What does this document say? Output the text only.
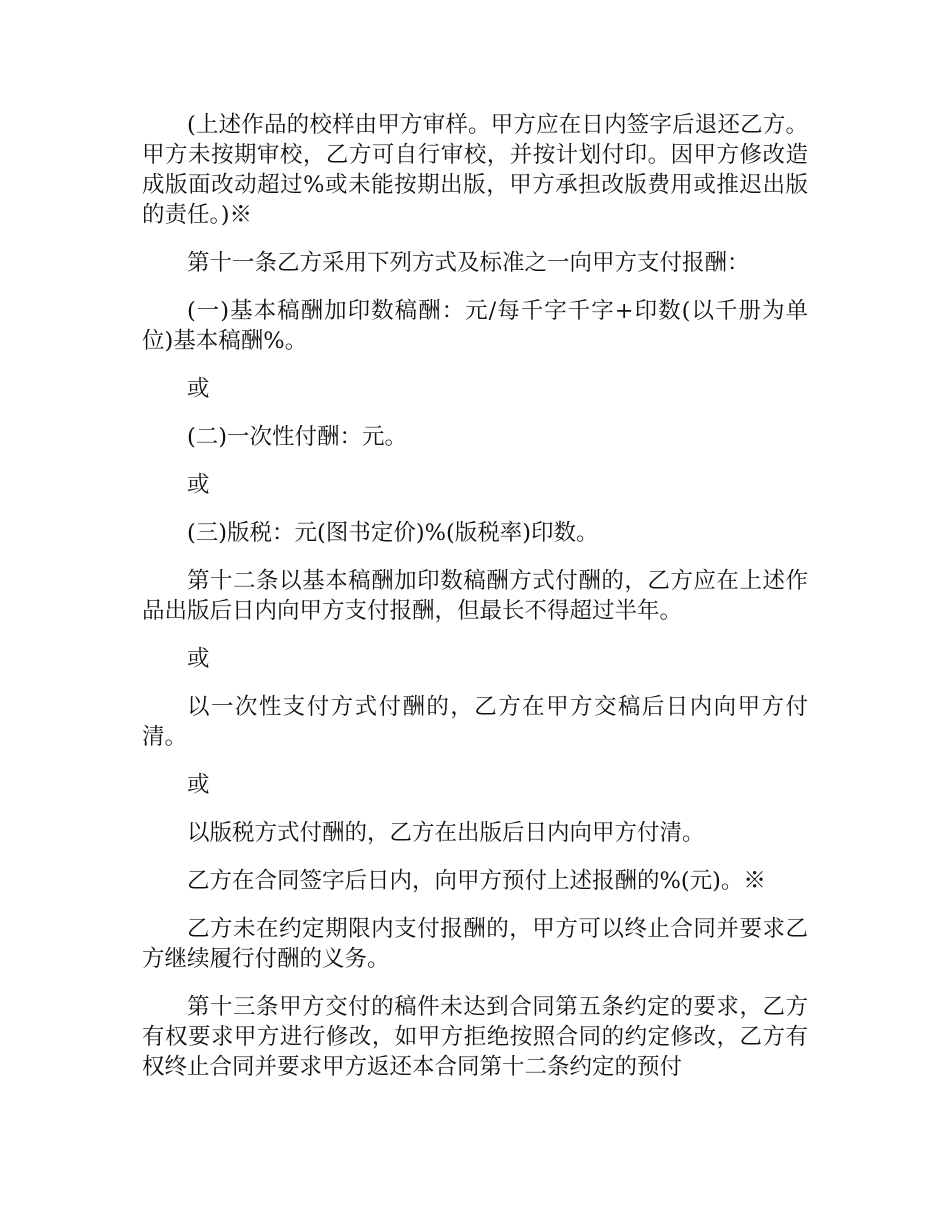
(上述作品的校样由甲方审样。甲方应在日内签字后退还乙方。甲方未按期审校，乙方可自行审校，并按计划付印。因甲方修改造成版面改动超过%或未能按期出版，甲方承担改版费用或推迟出版的责任。)※

第十一条乙方采用下列方式及标准之一向甲方支付报酬：

(一)基本稿酬加印数稿酬：元/每千字千字+印数(以千册为单位)基本稿酬%。

或

(二)一次性付酬：元。

或

(三)版税：元(图书定价)%(版税率)印数。

第十二条以基本稿酬加印数稿酬方式付酬的，乙方应在上述作品出版后日内向甲方支付报酬，但最长不得超过半年。

或

以一次性支付方式付酬的，乙方在甲方交稿后日内向甲方付清。

或

以版税方式付酬的，乙方在出版后日内向甲方付清。

乙方在合同签字后日内，向甲方预付上述报酬的%(元)。※

乙方未在约定期限内支付报酬的，甲方可以终止合同并要求乙方继续履行付酬的义务。

第十三条甲方交付的稿件未达到合同第五条约定的要求，乙方有权要求甲方进行修改，如甲方拒绝按照合同的约定修改，乙方有权终止合同并要求甲方返还本合同第十二条约定的预付
